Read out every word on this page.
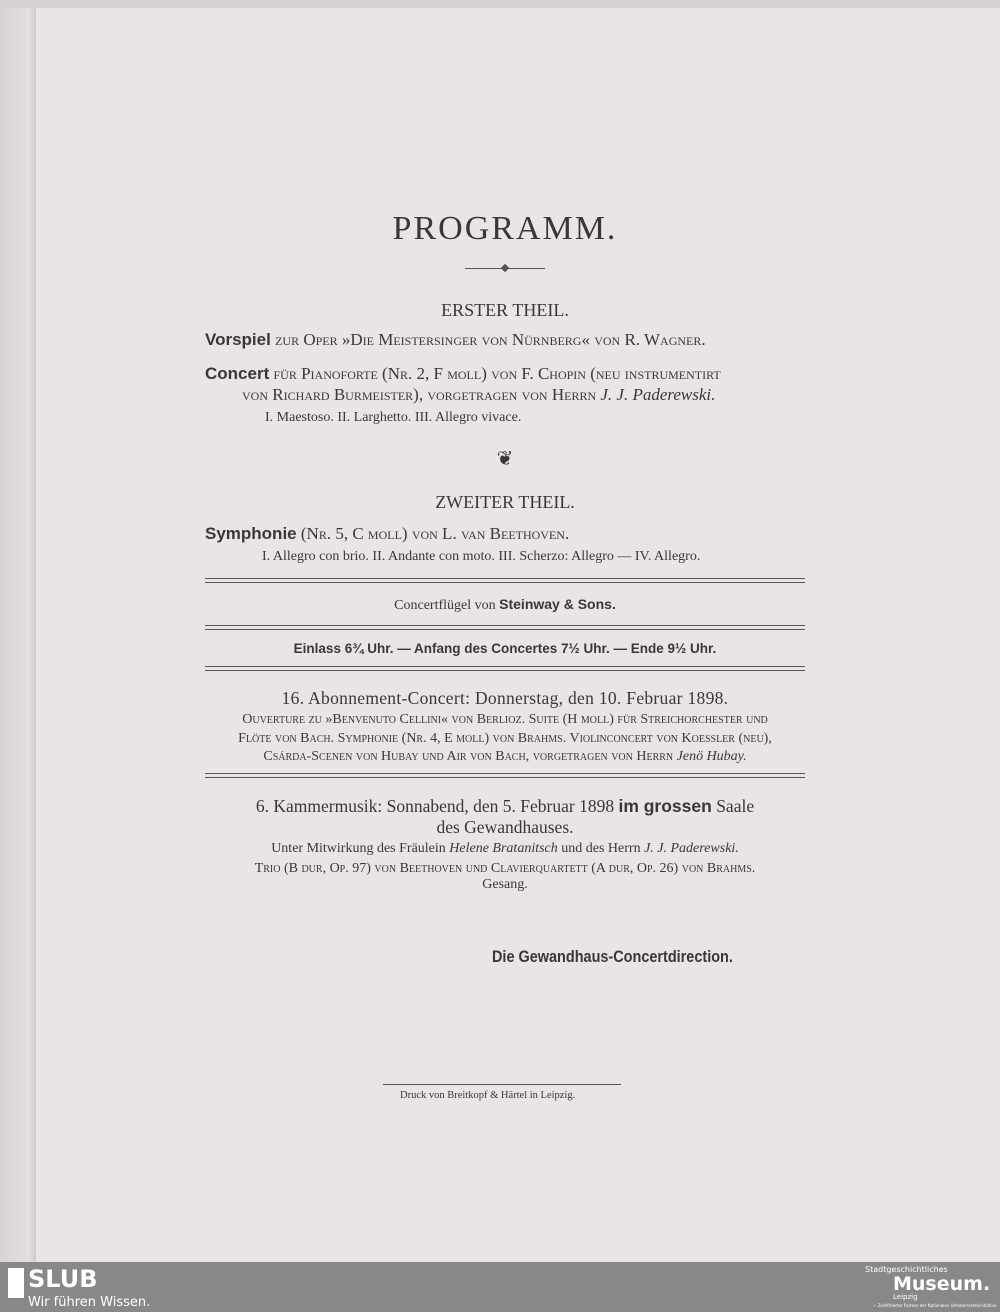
PROGRAMM.
ERSTER THEIL.
Vorspiel zur Oper »Die Meistersinger von Nürnberg« von R. Wagner.
Concert für Pianoforte (Nr. 2, F moll) von F. Chopin (neu instrumentirt
von Richard Burmeister), vorgetragen von Herrn J. J. Paderewski.
I. Maestoso. II. Larghetto. III. Allegro vivace.
❦
ZWEITER THEIL.
Symphonie (Nr. 5, C moll) von L. van Beethoven.
I. Allegro con brio. II. Andante con moto. III. Scherzo: Allegro — IV. Allegro.
Concertflügel von Steinway & Sons.
Einlass 6¾ Uhr. — Anfang des Concertes 7½ Uhr. — Ende 9½ Uhr.
16. Abonnement-Concert: Donnerstag, den 10. Februar 1898.
Ouverture zu »Benvenuto Cellini« von Berlioz. Suite (H moll) für Streichorchester und
Flöte von Bach. Symphonie (Nr. 4, E moll) von Brahms. Violinconcert von Koessler (neu),
Csárda-Scenen von Hubay und Air von Bach, vorgetragen von Herrn Jenö Hubay.
6. Kammermusik: Sonnabend, den 5. Februar 1898 im grossen Saale
des Gewandhauses.
Unter Mitwirkung des Fräulein Helene Bratanitsch und des Herrn J. J. Paderewski.
Trio (B dur, Op. 97) von Beethoven und Clavierquartett (A dur, Op. 26) von Brahms.
Gesang.
Die Gewandhaus-Concertdirection.
Druck von Breitkopf & Härtel in Leipzig.
SLUB
Wir führen Wissen.
Stadtgeschichtliches
Museum.
Leipzig
✓ Zertifizierter Partner der Nationalen Urheberrechtsinitiative
